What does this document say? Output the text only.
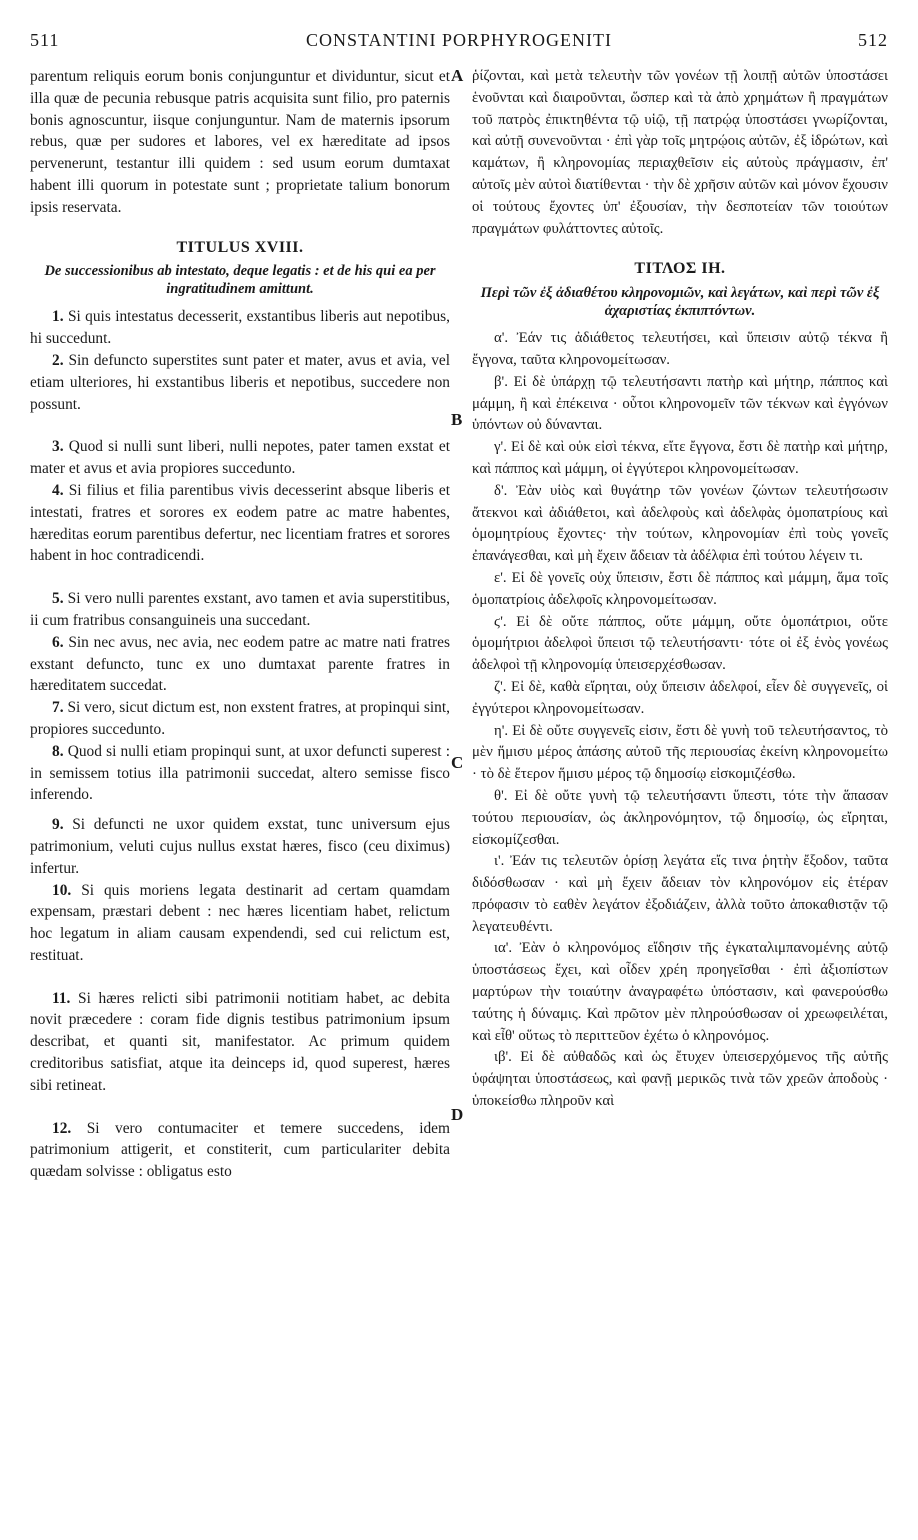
511	CONSTANTINI PORPHYROGENITI	512
A
B
C
D

parentum reliquis eorum bonis conjunguntur et dividuntur, sicut et illa quæ de pecunia rebusque patris acquisita sunt filio, pro paternis bonis agnoscuntur, iisque conjunguntur. Nam de maternis ipsorum rebus, quæ per sudores et labores, vel ex hæreditate ad ipsos pervenerunt, testantur illi quidem : sed usum eorum dumtaxat habent illi quorum in potestate sunt ; proprietate talium bonorum ipsis reservata.

TITULUS XVIII.
De successionibus ab intestato, deque legatis : et de his qui ea per ingratitudinem amittunt.

1. Si quis intestatus decesserit, exstantibus liberis aut nepotibus, hi succedunt.

2. Sin defuncto superstites sunt pater et mater, avus et avia, vel etiam ulteriores, hi exstantibus liberis et nepotibus, succedere non possunt.

3. Quod si nulli sunt liberi, nulli nepotes, pater tamen exstat et mater et avus et avia propiores succedunto.

4. Si filius et filia parentibus vivis decesserint absque liberis et intestati, fratres et sorores ex eodem patre ac matre habentes, hæreditas eorum parentibus defertur, nec licentiam fratres et sorores habent in hoc contradicendi.

5. Si vero nulli parentes exstant, avo tamen et avia superstitibus, ii cum fratribus consanguineis una succedant.

6. Sin nec avus, nec avia, nec eodem patre ac matre nati fratres exstant defuncto, tunc ex uno dumtaxat parente fratres in hæreditatem succedat.

7. Si vero, sicut dictum est, non exstent fratres, at propinqui sint, propiores succedunto.

8. Quod si nulli etiam propinqui sunt, at uxor defuncti superest : in semissem totius illa patrimonii succedat, altero semisse fisco inferendo.

9. Si defuncti ne uxor quidem exstat, tunc universum ejus patrimonium, veluti cujus nullus exstat hæres, fisco (ceu diximus) infertur.

10. Si quis moriens legata destinarit ad certam quamdam expensam, præstari debent : nec hæres licentiam habet, relictum hoc legatum in aliam causam expendendi, sed cui relictum est, restituat.

11. Si hæres relicti sibi patrimonii notitiam habet, ac debita novit præcedere : coram fide dignis testibus patrimonium ipsum describat, et quanti sit, manifestator. Ac primum quidem creditoribus satisfiat, atque ita deinceps id, quod superest, hæres sibi retineat.

12. Si vero contumaciter et temere succedens, idem patrimonium attigerit, et constiterit, cum particulariter debita quædam solvisse : obligatus esto

ῥίζονται, καὶ μετὰ τελευτὴν τῶν γονέων τῇ λοιπῇ αὐτῶν ὑποστάσει ἑνοῦνται καὶ διαιροῦνται, ὥσπερ καὶ τὰ ἀπὸ χρημάτων ἢ πραγμάτων τοῦ πατρὸς ἐπικτηθέντα τῷ υἱῷ, τῇ πατρῴᾳ ὑποστάσει γνωρίζονται, καὶ αὐτῇ συνενοῦνται · ἐπὶ γὰρ τοῖς μητρῴοις αὐτῶν, ἐξ ἱδρώτων, καὶ καμάτων, ἢ κληρονομίας περιαχθεῖσιν εἰς αὐτοὺς πράγμασιν, ἐπ' αὐτοῖς μὲν αὐτοὶ διατίθενται · τὴν δὲ χρῆσιν αὐτῶν καὶ μόνον ἔχουσιν οἱ τούτους ἔχοντες ὑπ' ἐξουσίαν, τὴν δεσποτείαν τῶν τοιούτων πραγμάτων φυλάττοντες αὐτοῖς.

ΤΙΤΛΟΣ ΙΗ.
Περὶ τῶν ἐξ ἀδιαθέτου κληρονομιῶν, καὶ λεγάτων, καὶ περὶ τῶν ἐξ ἀχαριστίας ἐκπιπτόντων.

α'. Ἐάν τις ἀδιάθετος τελευτήσει, καὶ ὕπεισιν αὐτῷ τέκνα ἢ ἔγγονα, ταῦτα κληρονομείτωσαν.

β'. Εἰ δὲ ὑπάρχῃ τῷ τελευτήσαντι πατὴρ καὶ μήτηρ, πάππος καὶ μάμμη, ἢ καὶ ἐπέκεινα · οὗτοι κληρονομεῖν τῶν τέκνων καὶ ἐγγόνων ὑπόντων οὐ δύνανται.

γ'. Εἰ δὲ καὶ οὐκ εἰσὶ τέκνα, εἴτε ἔγγονα, ἔστι δὲ πατὴρ καὶ μήτηρ, καὶ πάππος καὶ μάμμη, οἱ ἐγγύτεροι κληρονομείτωσαν.

δ'. Ἐὰν υἱὸς καὶ θυγάτηρ τῶν γονέων ζώντων τελευτήσωσιν ἄτεκνοι καὶ ἀδιάθετοι, καὶ ἀδελφοὺς καὶ ἀδελφὰς ὁμοπατρίους καὶ ὁμομητρίους ἔχοντες· τὴν τούτων, κληρονομίαν ἐπὶ τοὺς γονεῖς ἐπανάγεσθαι, καὶ μὴ ἔχειν ἄδειαν τὰ ἀδέλφια ἐπὶ τούτου λέγειν τι.

ε'. Εἰ δὲ γονεῖς οὐχ ὕπεισιν, ἔστι δὲ πάππος καὶ μάμμη, ἅμα τοῖς ὁμοπατρίοις ἀδελφοῖς κληρονομείτωσαν.

ϛ'. Εἰ δὲ οὔτε πάππος, οὔτε μάμμη, οὔτε ὁμοπάτριοι, οὔτε ὁμομήτριοι ἀδελφοὶ ὕπεισι τῷ τελευτήσαντι· τότε οἱ ἐξ ἑνὸς γονέως ἀδελφοὶ τῇ κληρονομίᾳ ὑπεισερχέσθωσαν.

ζ'. Εἰ δὲ, καθὰ εἴρηται, οὐχ ὕπεισιν ἀδελφοί, εἶεν δὲ συγγενεῖς, οἱ ἐγγύτεροι κληρονομείτωσαν.

η'. Εἰ δὲ οὔτε συγγενεῖς εἰσιν, ἔστι δὲ γυνὴ τοῦ τελευτήσαντος, τὸ μὲν ἥμισυ μέρος ἁπάσης αὐτοῦ τῆς περιουσίας ἐκείνη κληρονομείτω · τὸ δὲ ἕτερον ἥμισυ μέρος τῷ δημοσίῳ εἰσκομιζέσθω.

θ'. Εἰ δὲ οὔτε γυνὴ τῷ τελευτήσαντι ὕπεστι, τότε τὴν ἅπασαν τούτου περιουσίαν, ὡς ἀκληρονόμητον, τῷ δημοσίῳ, ὡς εἴρηται, εἰσκομίζεσθαι.

ι'. Ἐάν τις τελευτῶν ὁρίσῃ λεγάτα εἴς τινα ῥητὴν ἔξοδον, ταῦτα διδόσθωσαν · καὶ μὴ ἔχειν ἄδειαν τὸν κληρονόμον εἰς ἑτέραν πρόφασιν τὸ εαθὲν λεγάτον ἐξοδιάζειν, ἀλλὰ τοῦτο ἀποκαθιστᾷν τῷ λεγατευθέντι.

ια'. Ἐὰν ὁ κληρονόμος εἴδησιν τῆς ἐγκαταλιμπανομένης αὐτῷ ὑποστάσεως ἔχει, καὶ οἶδεν χρέη προηγεῖσθαι · ἐπὶ ἀξιοπίστων μαρτύρων τὴν τοιαύτην ἀναγραφέτω ὑπόστασιν, καὶ φανερούσθω ταύτης ἡ δύναμις. Καὶ πρῶτον μὲν πληρούσθωσαν οἱ χρεωφειλέται, καὶ εἶθ' οὕτως τὸ περιττεῦον ἐχέτω ὁ κληρονόμος.

ιβ'. Εἰ δὲ αὐθαδῶς καὶ ὡς ἔτυχεν ὑπεισερχόμενος τῆς αὐτῆς ὑφάψηται ὑποστάσεως, καὶ φανῇ μερικῶς τινὰ τῶν χρεῶν ἀποδοὺς · ὑποκείσθω πληροῦν καὶ
